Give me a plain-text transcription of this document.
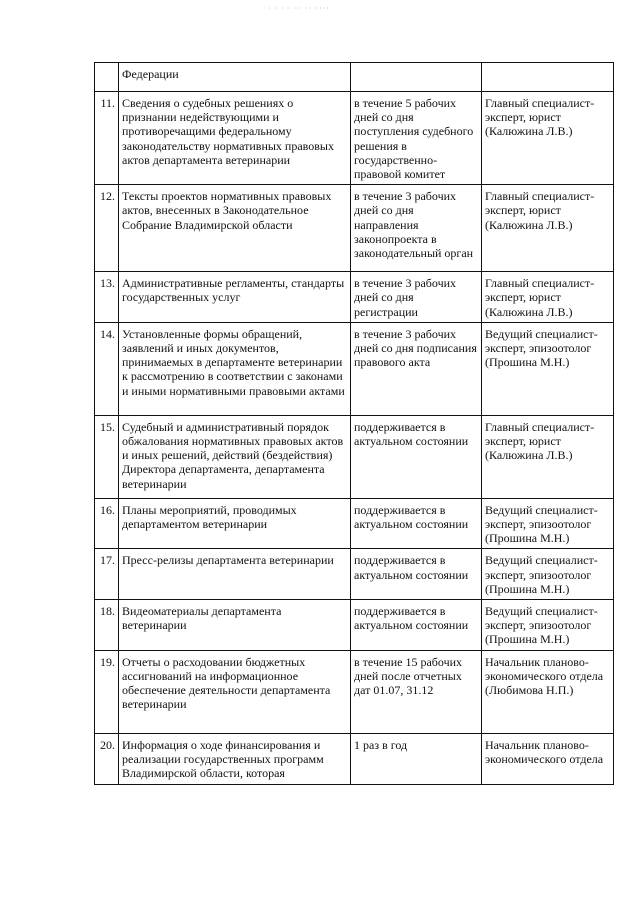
· · · · ·· ·· ····
	Федерации		
11.	Сведения о судебных решениях о признании недействующими и противоречащими федеральному законодательству нормативных правовых актов департамента ветеринарии	в течение 5 рабочих дней со дня поступления судебного решения в государственно-правовой комитет	Главный специалист-эксперт, юрист (Калюжина Л.В.)
12.	Тексты проектов нормативных правовых актов, внесенных в Законодательное Собрание Владимирской области	в течение 3 рабочих дней со дня направления законопроекта в законодательный орган	Главный специалист-эксперт, юрист (Калюжина Л.В.)
13.	Административные регламенты, стандарты государственных услуг	в течение 3 рабочих дней со дня регистрации	Главный специалист-эксперт, юрист (Калюжина Л.В.)
14.	Установленные формы обращений, заявлений и иных документов, принимаемых в департаменте ветеринарии к рассмотрению в соответствии с законами и иными нормативными правовыми актами	в течение 3 рабочих дней со дня подписания правового акта	Ведущий специалист-эксперт, эпизоотолог (Прошина М.Н.)
15.	Судебный и административный порядок обжалования нормативных правовых актов и иных решений, действий (бездействия) Директора департамента, департамента ветеринарии	поддерживается в актуальном состоянии	Главный специалист-эксперт, юрист (Калюжина Л.В.)
16.	Планы мероприятий, проводимых департаментом ветеринарии	поддерживается в актуальном состоянии	Ведущий специалист-эксперт, эпизоотолог (Прошина М.Н.)
17.	Пресс-релизы департамента ветеринарии	поддерживается в актуальном состоянии	Ведущий специалист-эксперт, эпизоотолог (Прошина М.Н.)
18.	Видеоматериалы департамента ветеринарии	поддерживается в актуальном состоянии	Ведущий специалист-эксперт, эпизоотолог (Прошина М.Н.)
19.	Отчеты о расходовании бюджетных ассигнований на информационное обеспечение деятельности департамента ветеринарии	в течение 15 рабочих дней после отчетных дат 01.07, 31.12	Начальник планово-экономического отдела (Любимова Н.П.)
20.	Информация о ходе финансирования и реализации государственных программ Владимирской области, которая	1 раз в год	Начальник планово-экономического отдела
